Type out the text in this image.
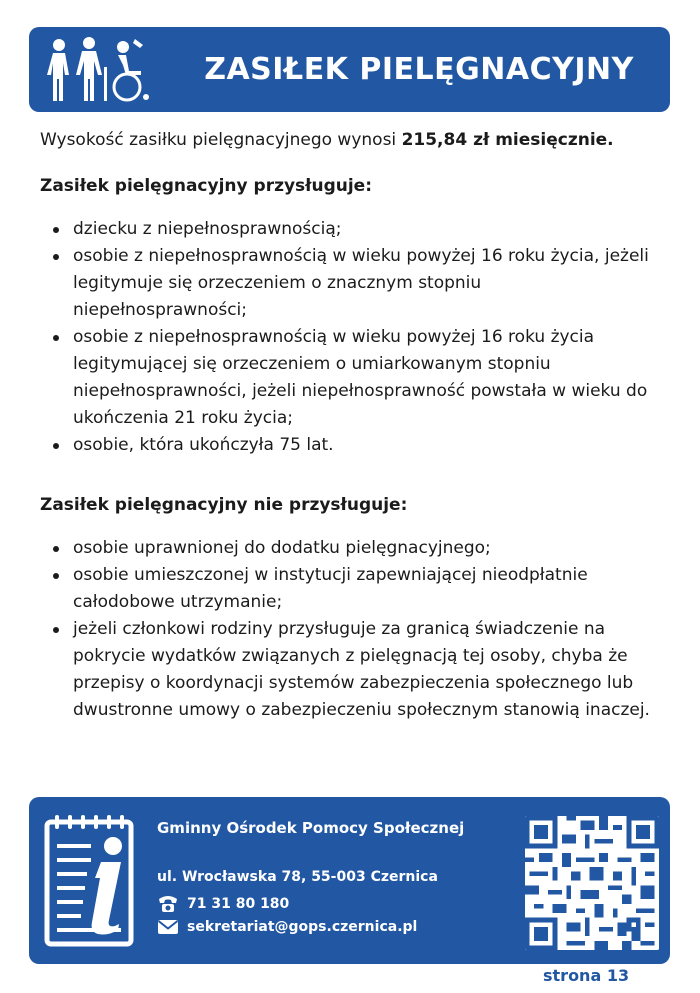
ZASIŁEK PIELĘGNACYJNY

Wysokość zasiłku pielęgnacyjnego wynosi 215,84 zł miesięcznie.

Zasiłek pielęgnacyjny przysługuje:

dziecku z niepełnosprawnością;
osobie z niepełnosprawnością w wieku powyżej 16 roku życia, jeżeli legitymuje się orzeczeniem o znacznym stopniu niepełnosprawności;
osobie z niepełnosprawnością w wieku powyżej 16 roku życia legitymującej się orzeczeniem o umiarkowanym stopniu niepełnosprawności, jeżeli niepełnosprawność powstała w wieku do ukończenia 21 roku życia;
osobie, która ukończyła 75 lat.

Zasiłek pielęgnacyjny nie przysługuje:

osobie uprawnionej do dodatku pielęgnacyjnego;
osobie umieszczonej w instytucji zapewniającej nieodpłatnie całodobowe utrzymanie;
jeżeli członkowi rodziny przysługuje za granicą świadczenie na pokrycie wydatków związanych z pielęgnacją tej osoby, chyba że przepisy o koordynacji systemów zabezpieczenia społecznego lub dwustronne umowy o zabezpieczeniu społecznym stanowią inaczej.
Gminny Ośrodek Pomocy Społecznej
ul. Wrocławska 78, 55-003 Czernica
71 31 80 180
sekretariat@gops.czernica.pl
strona 13
